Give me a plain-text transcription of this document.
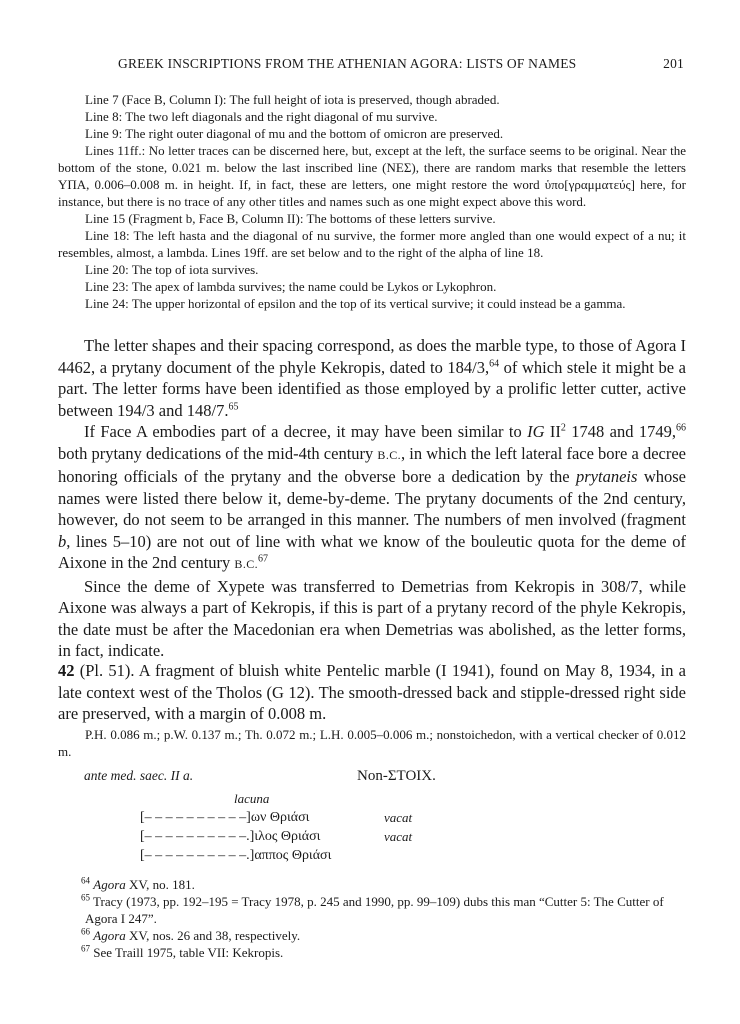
GREEK INSCRIPTIONS FROM THE ATHENIAN AGORA: LISTS OF NAMES	201

Line 7 (Face B, Column I): The full height of iota is preserved, though abraded.

Line 8: The two left diagonals and the right diagonal of mu survive.

Line 9: The right outer diagonal of mu and the bottom of omicron are preserved.

Lines 11ff.: No letter traces can be discerned here, but, except at the left, the surface seems to be original. Near the bottom of the stone, 0.021 m. below the last inscribed line (ΝΕΣ), there are random marks that resemble the letters ΥΠΑ, 0.006–0.008 m. in height. If, in fact, these are letters, one might restore the word ὑπο[γραμματεύς] here, for instance, but there is no trace of any other titles and names such as one might expect above this word.

Line 15 (Fragment b, Face B, Column II): The bottoms of these letters survive.

Line 18: The left hasta and the diagonal of nu survive, the former more angled than one would expect of a nu; it resembles, almost, a lambda. Lines 19ff. are set below and to the right of the alpha of line 18.

Line 20: The top of iota survives.

Line 23: The apex of lambda survives; the name could be Lykos or Lykophron.

Line 24: The upper horizontal of epsilon and the top of its vertical survive; it could instead be a gamma.

The letter shapes and their spacing correspond, as does the marble type, to those of Agora I 4462, a prytany document of the phyle Kekropis, dated to 184/3,64 of which stele it might be a part. The letter forms have been identified as those employed by a prolific letter cutter, active between 194/3 and 148/7.65

If Face A embodies part of a decree, it may have been similar to IG $II^2$ 1748 and 1749,66 both prytany dedications of the mid-4th century B.C., in which the left lateral face bore a decree honoring officials of the prytany and the obverse bore a dedication by the prytaneis whose names were listed there below it, deme-by-deme. The prytany documents of the 2nd century, however, do not seem to be arranged in this manner. The numbers of men involved (fragment b, lines 5–10) are not out of line with what we know of the bouleutic quota for the deme of Aixone in the 2nd century B.C.$^{67}$

Since the deme of Xypete was transferred to Demetrias from Kekropis in 308/7, while Aixone was always a part of Kekropis, if this is part of a prytany record of the phyle Kekropis, the date must be after the Macedonian era when Demetrias was abolished, as the letter forms, in fact, indicate.

42 (Pl. 51). A fragment of bluish white Pentelic marble (I 1941), found on May 8, 1934, in a late context west of the Tholos (G 12). The smooth-dressed back and stipple-dressed right side are preserved, with a margin of 0.008 m.
P.H. 0.086 m.; p.W. 0.137 m.; Th. 0.072 m.; L.H. 0.005–0.006 m.; nonstoichedon, with a vertical checker of 0.012 m.
ante med. saec. II a.	Non-ΣΤΟΙΧ.
lacuna
[– – – – – – – – – –]ων Θριάσι	vacat
[– – – – – – – – – –.]ιλος Θριάσι	vacat
[– – – – – – – – – –.]αππος Θριάσι

$^{64}$ Agora XV, no. 181.

$^{65}$ Tracy (1973, pp. 192–195 = Tracy 1978, p. 245 and 1990, pp. 99–109) dubs this man “Cutter 5: The Cutter of Agora I 247”.

$^{66}$ Agora XV, nos. 26 and 38, respectively.

$^{67}$ See Traill 1975, table VII: Kekropis.
